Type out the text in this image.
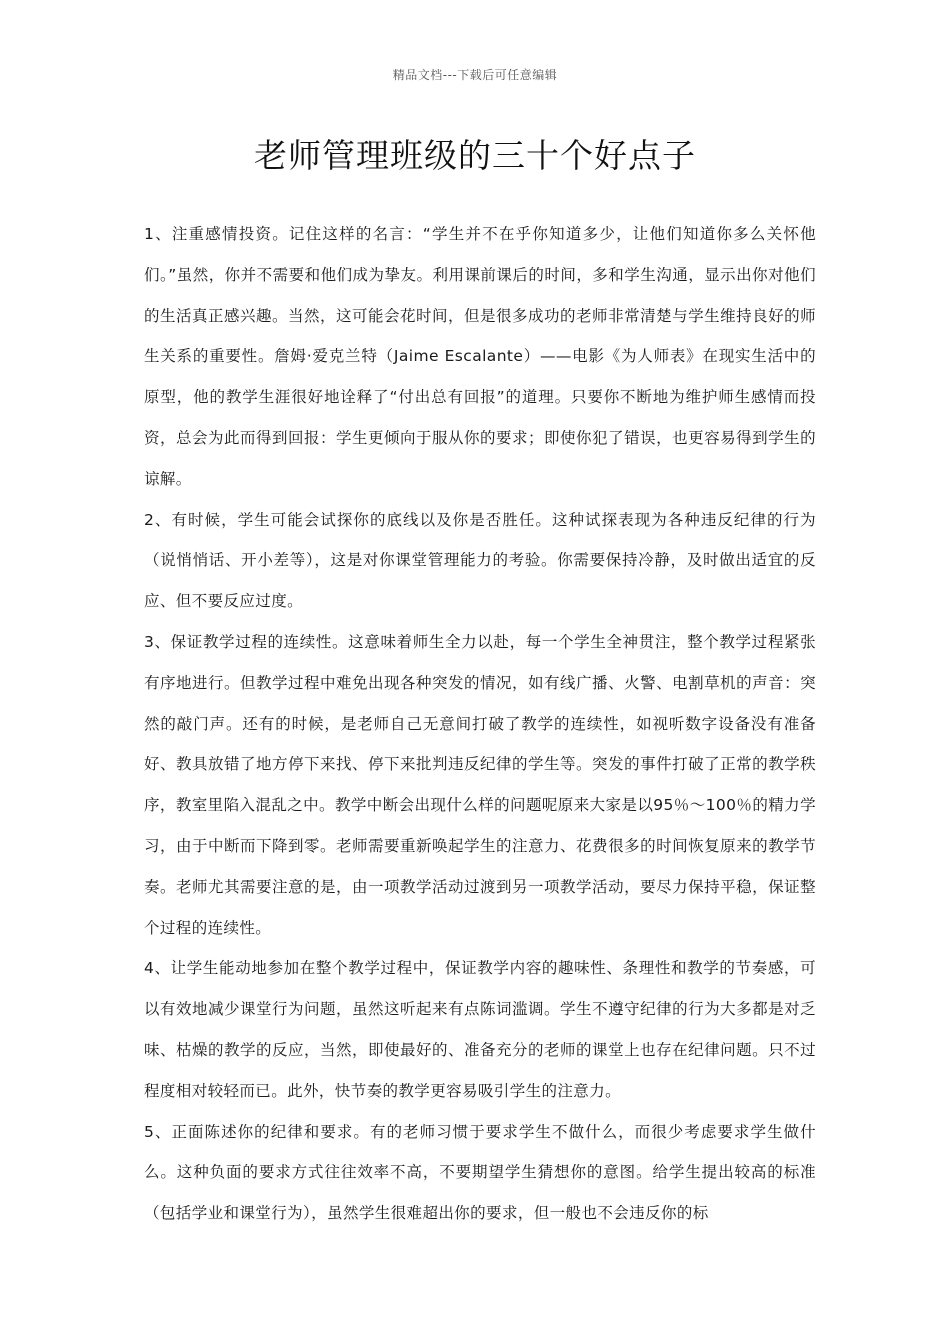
精品文档---下载后可任意编辑
老师管理班级的三十个好点子

1、注重感情投资。记住这样的名言：“学生并不在乎你知道多少，让他们知道你多么关怀他们。”虽然，你并不需要和他们成为挚友。利用课前课后的时间，多和学生沟通，显示出你对他们的生活真正感兴趣。当然，这可能会花时间，但是很多成功的老师非常清楚与学生维持良好的师生关系的重要性。詹姆·爱克兰特（Jaime Escalante）——电影《为人师表》在现实生活中的原型，他的教学生涯很好地诠释了“付出总有回报”的道理。只要你不断地为维护师生感情而投资，总会为此而得到回报：学生更倾向于服从你的要求；即使你犯了错误，也更容易得到学生的谅解。

2、有时候，学生可能会试探你的底线以及你是否胜任。这种试探表现为各种违反纪律的行为（说悄悄话、开小差等），这是对你课堂管理能力的考验。你需要保持冷静，及时做出适宜的反应、但不要反应过度。

3、保证教学过程的连续性。这意味着师生全力以赴，每一个学生全神贯注，整个教学过程紧张有序地进行。但教学过程中难免出现各种突发的情况，如有线广播、火警、电割草机的声音：突然的敲门声。还有的时候，是老师自己无意间打破了教学的连续性，如视听数字设备没有准备好、教具放错了地方停下来找、停下来批判违反纪律的学生等。突发的事件打破了正常的教学秩序，教室里陷入混乱之中。教学中断会出现什么样的问题呢原来大家是以95％～100％的精力学习，由于中断而下降到零。老师需要重新唤起学生的注意力、花费很多的时间恢复原来的教学节奏。老师尤其需要注意的是，由一项教学活动过渡到另一项教学活动，要尽力保持平稳，保证整个过程的连续性。

4、让学生能动地参加在整个教学过程中，保证教学内容的趣味性、条理性和教学的节奏感，可以有效地减少课堂行为问题，虽然这听起来有点陈词滥调。学生不遵守纪律的行为大多都是对乏味、枯燥的教学的反应，当然，即使最好的、准备充分的老师的课堂上也存在纪律问题。只不过程度相对较轻而已。此外，快节奏的教学更容易吸引学生的注意力。

5、正面陈述你的纪律和要求。有的老师习惯于要求学生不做什么，而很少考虑要求学生做什么。这种负面的要求方式往往效率不高，不要期望学生猜想你的意图。给学生提出较高的标准（包括学业和课堂行为），虽然学生很难超出你的要求，但一般也不会违反你的标
